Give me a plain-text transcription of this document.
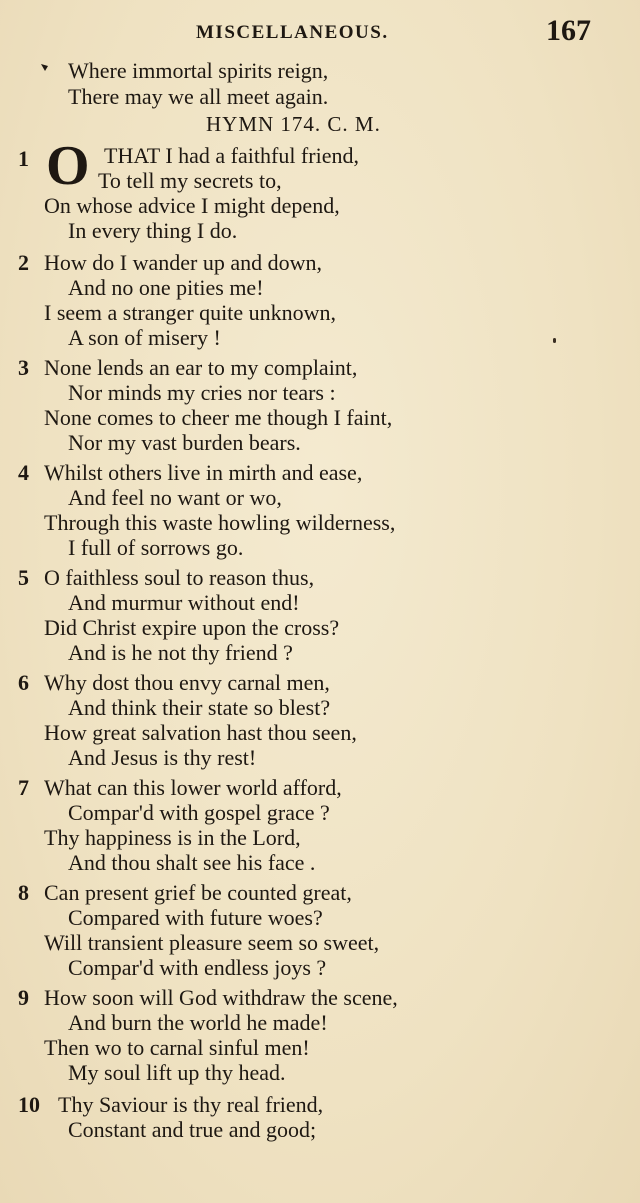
MISCELLANEOUS.	167
Where immortal spirits reign,
There may we all meet again.
HYMN 174. C. M.
1 O THAT I had a faithful friend,
To tell my secrets to,
On whose advice I might depend,
In every thing I do.
2 How do I wander up and down,
And no one pities me!
I seem a stranger quite unknown,
A son of misery !
3 None lends an ear to my complaint,
Nor minds my cries nor tears :
None comes to cheer me though I faint,
Nor my vast burden bears.
4 Whilst others live in mirth and ease,
And feel no want or wo,
Through this waste howling wilderness,
I full of sorrows go.
5 O faithless soul to reason thus,
And murmur without end!
Did Christ expire upon the cross?
And is he not thy friend ?
6 Why dost thou envy carnal men,
And think their state so blest?
How great salvation hast thou seen,
And Jesus is thy rest!
7 What can this lower world afford,
Compar'd with gospel grace ?
Thy happiness is in the Lord,
And thou shalt see his face .
8 Can present grief be counted great,
Compared with future woes?
Will transient pleasure seem so sweet,
Compar'd with endless joys ?
9 How soon will God withdraw the scene,
And burn the world he made!
Then wo to carnal sinful men!
My soul lift up thy head.
10 Thy Saviour is thy real friend,
Constant and true and good;
